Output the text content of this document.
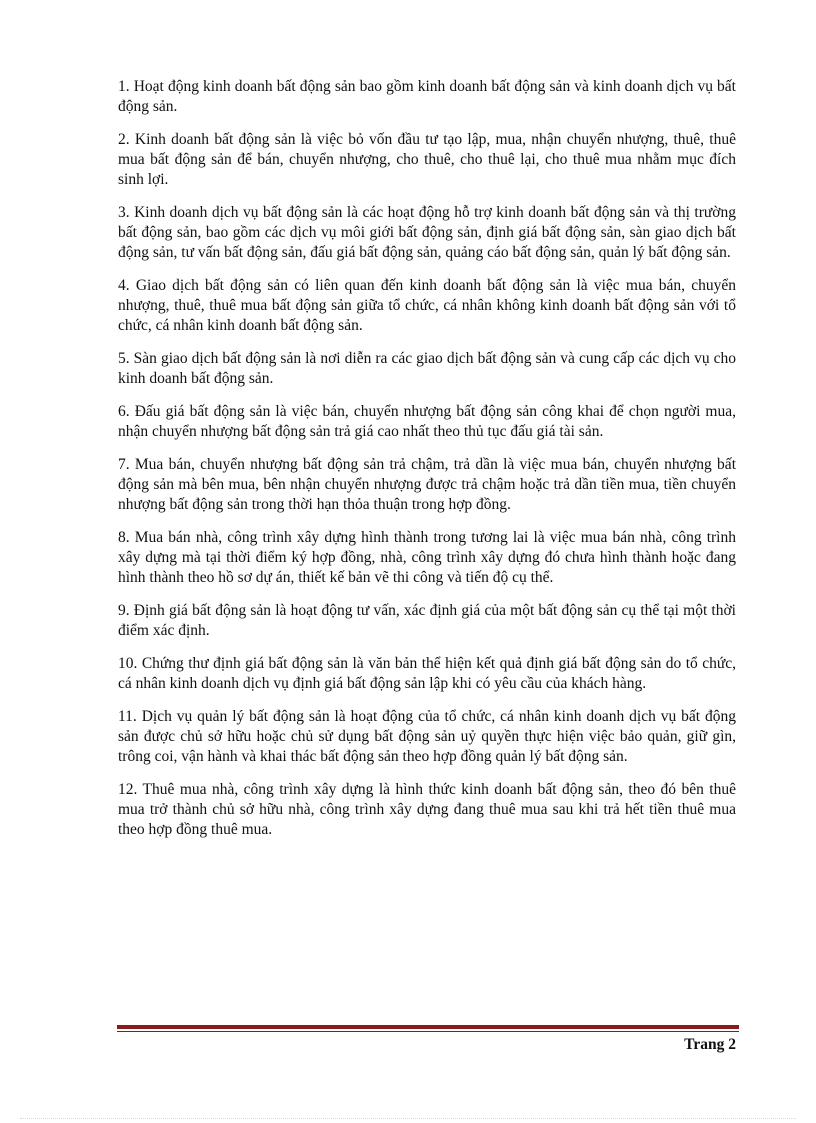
1. Hoạt động kinh doanh bất động sản bao gồm kinh doanh bất động sản và kinh doanh dịch vụ bất động sản.

2. Kinh doanh bất động sản là việc bỏ vốn đầu tư tạo lập, mua, nhận chuyển nhượng, thuê, thuê mua bất động sản để bán, chuyển nhượng, cho thuê, cho thuê lại, cho thuê mua nhằm mục đích sinh lợi.

3. Kinh doanh dịch vụ bất động sản là các hoạt động hỗ trợ kinh doanh bất động sản và thị trường bất động sản, bao gồm các dịch vụ môi giới bất động sản, định giá bất động sản, sàn giao dịch bất động sản, tư vấn bất động sản, đấu giá bất động sản, quảng cáo bất động sản, quản lý bất động sản.

4. Giao dịch bất động sản có liên quan đến kinh doanh bất động sản là việc mua bán, chuyển nhượng, thuê, thuê mua bất động sản giữa tổ chức, cá nhân không kinh doanh bất động sản với tổ chức, cá nhân kinh doanh bất động sản.

5. Sàn giao dịch bất động sản là nơi diễn ra các giao dịch bất động sản và cung cấp các dịch vụ cho kinh doanh bất động sản.

6. Đấu giá bất động sản là việc bán, chuyển nhượng bất động sản công khai để chọn người mua, nhận chuyển nhượng bất động sản trả giá cao nhất theo thủ tục đấu giá tài sản.

7. Mua bán, chuyển nhượng bất động sản trả chậm, trả dần là việc mua bán, chuyển nhượng bất động sản mà bên mua, bên nhận chuyển nhượng được trả chậm hoặc trả dần tiền mua, tiền chuyển nhượng bất động sản trong thời hạn thỏa thuận trong hợp đồng.

8. Mua bán nhà, công trình xây dựng hình thành trong tương lai là việc mua bán nhà, công trình xây dựng mà tại thời điểm ký hợp đồng, nhà, công trình xây dựng đó chưa hình thành hoặc đang hình thành theo hồ sơ dự án, thiết kế bản vẽ thi công và tiến độ cụ thể.

9. Định giá bất động sản là hoạt động tư vấn, xác định giá của một bất động sản cụ thể tại một thời điểm xác định.

10. Chứng thư định giá bất động sản là văn bản thể hiện kết quả định giá bất động sản do tổ chức, cá nhân kinh doanh dịch vụ định giá bất động sản lập khi có yêu cầu của khách hàng.

11. Dịch vụ quản lý bất động sản là hoạt động của tổ chức, cá nhân kinh doanh dịch vụ bất động sản được chủ sở hữu hoặc chủ sử dụng bất động sản uỷ quyền thực hiện việc bảo quản, giữ gìn, trông coi, vận hành và khai thác bất động sản theo hợp đồng quản lý bất động sản.

12. Thuê mua nhà, công trình xây dựng là hình thức kinh doanh bất động sản, theo đó bên thuê mua trở thành chủ sở hữu nhà, công trình xây dựng đang thuê mua sau khi trả hết tiền thuê mua theo hợp đồng thuê mua.

Trang 2
